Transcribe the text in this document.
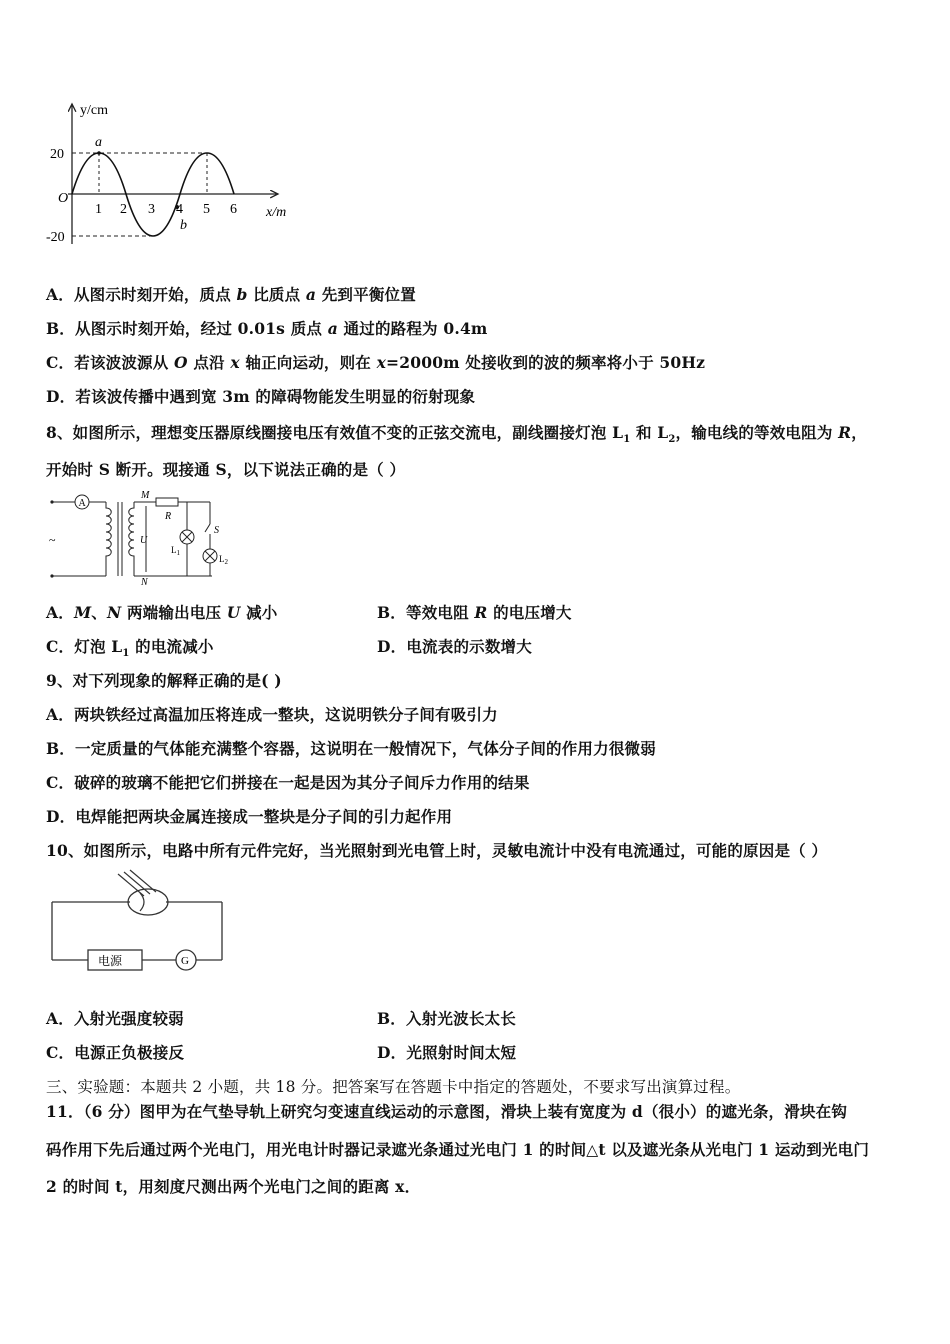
y/cm
x/m
O
20
-20
1 2 3 4 5 6
a
b
A．从图示时刻开始，质点 b 比质点 a 先到平衡位置
B．从图示时刻开始，经过 0.01s 质点 a 通过的路程为 0.4m
C．若该波波源从 O 点沿 x 轴正向运动，则在 x=2000m 处接收到的波的频率将小于 50Hz
D．若该波传播中遇到宽 3m 的障碍物能发生明显的衍射现象
8、如图所示，理想变压器原线圈接电压有效值不变的正弦交流电，副线圈接灯泡 $L_1$ 和 $L_2$，输电线的等效电阻为 R，
开始时 S 断开。现接通 S，以下说法正确的是（ ）
A
~
M
N
R
U
S
$L_1$
$L_2$
A．M、N 两端输出电压 U 减小	B．等效电阻 R 的电压增大
C．灯泡 $L_1$ 的电流减小	D．电流表的示数增大
9、对下列现象的解释正确的是( )
A．两块铁经过高温加压将连成一整块，这说明铁分子间有吸引力
B．一定质量的气体能充满整个容器，这说明在一般情况下，气体分子间的作用力很微弱
C．破碎的玻璃不能把它们拼接在一起是因为其分子间斥力作用的结果
D．电焊能把两块金属连接成一整块是分子间的引力起作用
10、如图所示，电路中所有元件完好，当光照射到光电管上时，灵敏电流计中没有电流通过，可能的原因是（ ）
电源	G
A．入射光强度较弱	B．入射光波长太长
C．电源正负极接反	D．光照射时间太短
三、实验题：本题共 2 小题，共 18 分。把答案写在答题卡中指定的答题处，不要求写出演算过程。
11．（6 分）图甲为在气垫导轨上研究匀变速直线运动的示意图，滑块上装有宽度为 d（很小）的遮光条，滑块在钩
码作用下先后通过两个光电门，用光电计时器记录遮光条通过光电门 1 的时间△t 以及遮光条从光电门 1 运动到光电门
2 的时间 t，用刻度尺测出两个光电门之间的距离 x．
